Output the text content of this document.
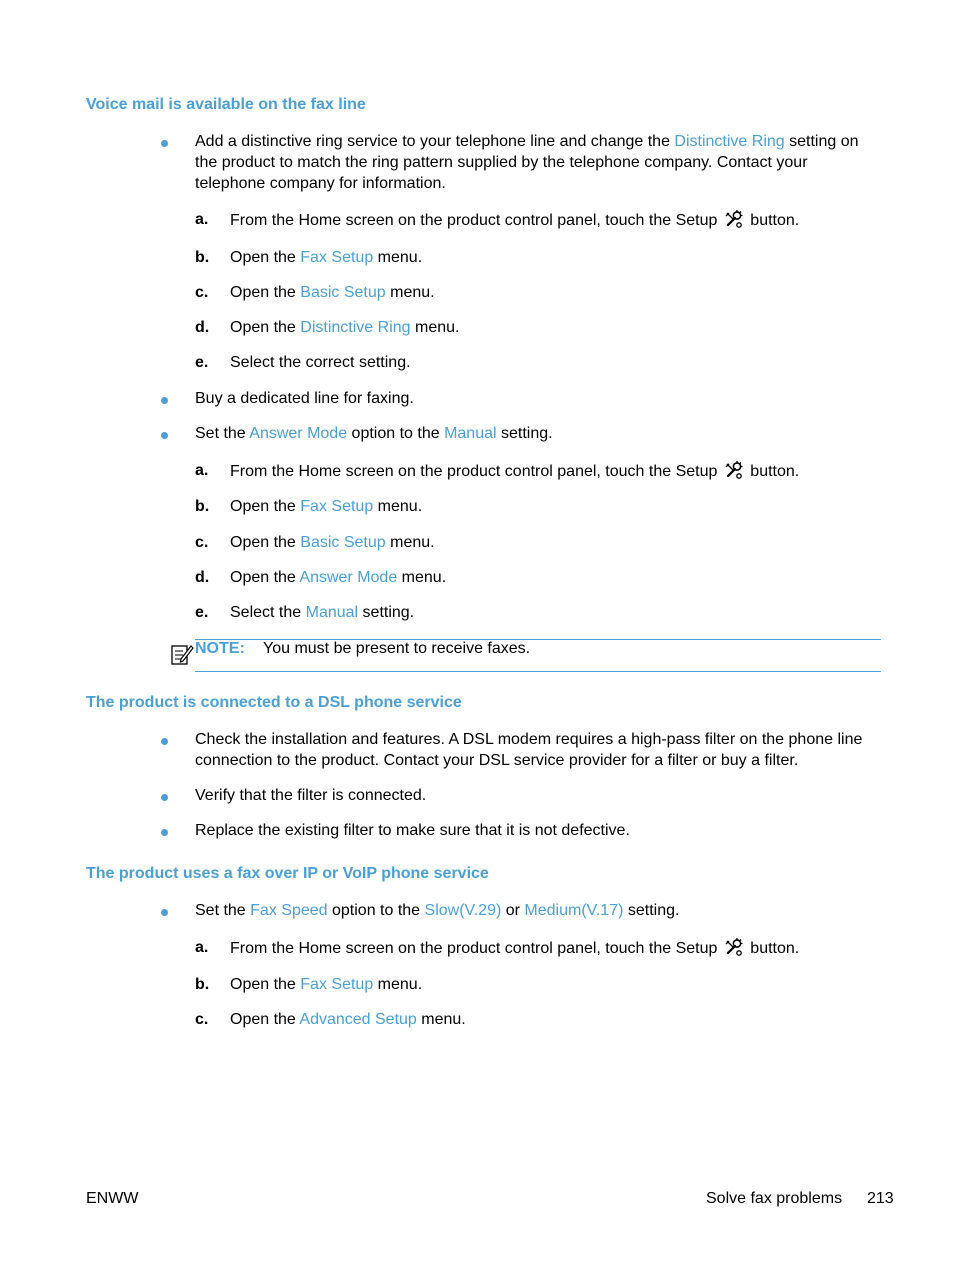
Voice mail is available on the fax line
Add a distinctive ring service to your telephone line and change the Distinctive Ring setting on the product to match the ring pattern supplied by the telephone company. Contact your telephone company for information.
a. From the Home screen on the product control panel, touch the Setup  button.
b. Open the Fax Setup menu.
c. Open the Basic Setup menu.
d. Open the Distinctive Ring menu.
e. Select the correct setting.
Buy a dedicated line for faxing.
Set the Answer Mode option to the Manual setting.
a. From the Home screen on the product control panel, touch the Setup  button.
b. Open the Fax Setup menu.
c. Open the Basic Setup menu.
d. Open the Answer Mode menu.
e. Select the Manual setting.
NOTE: You must be present to receive faxes.
The product is connected to a DSL phone service
Check the installation and features. A DSL modem requires a high-pass filter on the phone line connection to the product. Contact your DSL service provider for a filter or buy a filter.
Verify that the filter is connected.
Replace the existing filter to make sure that it is not defective.
The product uses a fax over IP or VoIP phone service
Set the Fax Speed option to the Slow(V.29) or Medium(V.17) setting.
a. From the Home screen on the product control panel, touch the Setup  button.
b. Open the Fax Setup menu.
c. Open the Advanced Setup menu.
ENWW	Solve fax problems 213
